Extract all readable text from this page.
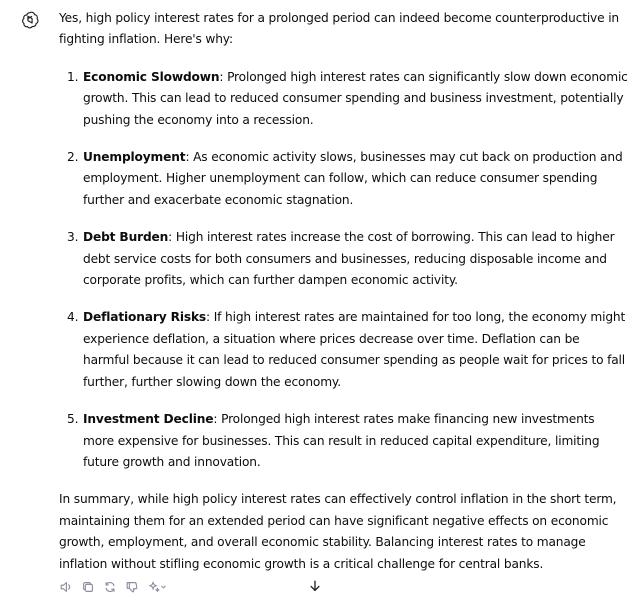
Yes, high policy interest rates for a prolonged period can indeed become counterproductive in fighting inflation. Here's why:

1. Economic Slowdown: Prolonged high interest rates can significantly slow down economic growth. This can lead to reduced consumer spending and business investment, potentially pushing the economy into a recession.
2. Unemployment: As economic activity slows, businesses may cut back on production and employment. Higher unemployment can follow, which can reduce consumer spending further and exacerbate economic stagnation.
3. Debt Burden: High interest rates increase the cost of borrowing. This can lead to higher debt service costs for both consumers and businesses, reducing disposable income and corporate profits, which can further dampen economic activity.
4. Deflationary Risks: If high interest rates are maintained for too long, the economy might experience deflation, a situation where prices decrease over time. Deflation can be harmful because it can lead to reduced consumer spending as people wait for prices to fall further, further slowing down the economy.
5. Investment Decline: Prolonged high interest rates make financing new investments more expensive for businesses. This can result in reduced capital expenditure, limiting future growth and innovation.

In summary, while high policy interest rates can effectively control inflation in the short term, maintaining them for an extended period can have significant negative effects on economic growth, employment, and overall economic stability. Balancing interest rates to manage inflation without stifling economic growth is a critical challenge for central banks.
